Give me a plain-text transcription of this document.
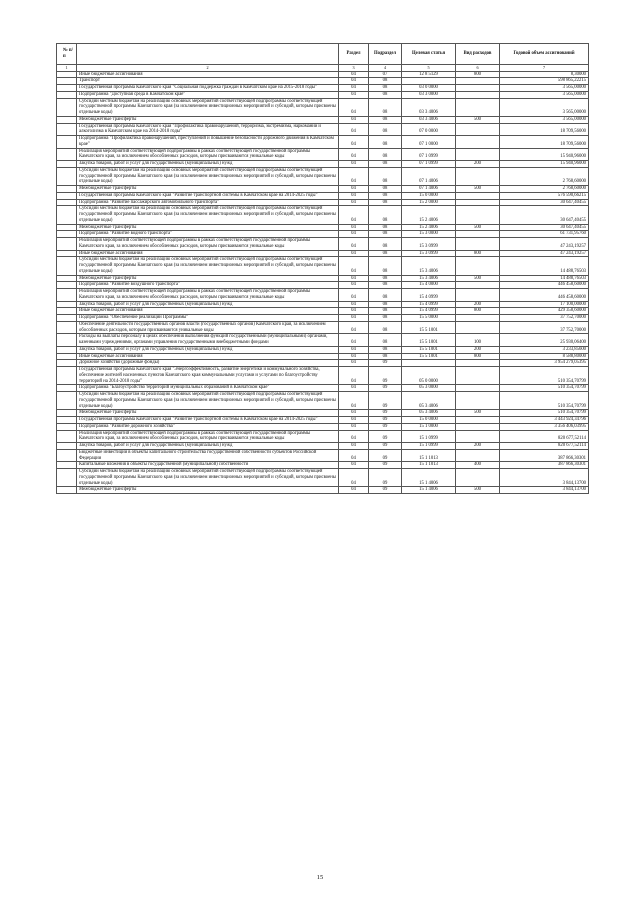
№ п/п		Раздел	Подраздел	Целевая статья	Вид расходов	Годовой объем ассигнований
1	2	3	4	5	6	7
	Иные бюджетные ассигнования	04	07	12 8 5129	800	8,30000
	Транспорт	04	08			598 865,22215
	Государственная программа Камчатского края "Социальная поддержка граждан в Камчатском крае на 2015-2018 годы"	04	08	03 0 0000		3 565,00000
	Подпрограмма "Доступная среда в Камчатском крае"	04	08	03 3 0000		3 565,00000
	Субсидии местным бюджетам на реализацию основных мероприятий соответствующей подпрограммы соответствующей государственной программы Камчатского края (за исключением инвестиционных мероприятий и субсидий, которым присвоены отдельные коды)	04	08	03 3 4006		3 565,00000
	Межбюджетные трансферты	04	08	03 3 4006	500	3 565,00000
	Государственная программа Камчатского края "Профилактика правонарушений, терроризма, экстремизма, наркомании и алкоголизма в Камчатском крае на 2014-2018 годы"	04	08	07 0 0000		18 709,56000
	Подпрограмма "Профилактика правонарушений, преступлений и повышение безопасности дорожного движения в Камчатском крае"	04	08	07 1 0000		18 709,56000
	Реализация мероприятий соответствующей подпрограммы в рамках соответствующей государственной программы Камчатского края, за исключением обособленных расходов, которым присваиваются уникальные коды	04	08	07 1 0999		15 940,96000
	Закупка товаров, работ и услуг для государственных (муниципальных) нужд	04	08	07 1 0999	200	15 940,96000
	Субсидии местным бюджетам на реализацию основных мероприятий соответствующей подпрограммы соответствующей государственной программы Камчатского края (за исключением инвестиционных мероприятий и субсидий, которым присвоены отдельные коды)	04	08	07 1 4006		2 768,60000
	Межбюджетные трансферты	04	08	07 1 4006	500	2 768,60000
	Государственная программа Камчатского края "Развитие транспортной системы в Камчатском крае на 2014-2025 годы"	04	08	15 0 0000		576 590,66215
	Подпрограмма "Развитие пассажирского автомобильного транспорта"	04	08	15 2 0000		30 647,40455
	Субсидии местным бюджетам на реализацию основных мероприятий соответствующей подпрограммы соответствующей государственной программы Камчатского края (за исключением инвестиционных мероприятий и субсидий, которым присвоены отдельные коды)	04	08	15 2 4006		30 647,40455
	Межбюджетные трансферты	04	08	15 2 4006	500	30 647,40455
	Подпрограмма "Развитие водного транспорта"	04	08	15 3 0000		61 731,95760
	Реализация мероприятий соответствующей подпрограммы в рамках соответствующей государственной программы Камчатского края, за исключением обособленных расходов, которым присваиваются уникальные коды	04	08	15 3 0999		47 243,19257
	Иные бюджетные ассигнования	04	08	15 3 0999	800	47 243,19257
	Субсидии местным бюджетам на реализацию основных мероприятий соответствующей подпрограммы соответствующей государственной программы Камчатского края (за исключением инвестиционных мероприятий и субсидий, которым присвоены отдельные коды)	04	08	15 3 4006		14 488,76503
	Межбюджетные трансферты	04	08	15 3 4006	500	14 488,76503
	Подпрограмма "Развитие воздушного транспорта"	04	08	15 4 0000		446 458,60000
	Реализация мероприятий соответствующей подпрограммы в рамках соответствующей государственной программы Камчатского края, за исключением обособленных расходов, которым присваиваются уникальные коды	04	08	15 4 0999		446 458,60000
	Закупка товаров, работ и услуг для государственных (муниципальных) нужд	04	08	15 4 0999	200	17 100,00000
	Иные бюджетные ассигнования	04	08	15 4 0999	800	429 358,60000
	Подпрограмма "Обеспечение реализации Программы"	04	08	15 5 0000		37 752,70000
	Обеспечение деятельности государственных органов власти (государственных органов) Камчатского края, за исключением обособленных расходов, которым присваиваются уникальные коды	04	08	15 5 1001		37 752,70000
	Расходы на выплаты персоналу в целях обеспечения выполнения функций государственными (муниципальными) органами, казенными учреждениями, органами управления государственными внебюджетными фондами	04	08	15 5 1001	100	25 930,06400
	Закупка товаров, работ и услуг для государственных (муниципальных) нужд	04	08	15 5 1001	200	3 233,85600
	Иные бюджетные ассигнования	04	08	15 5 1001	800	8 588,80000
	Дорожное хозяйство (дорожные фонды)	04	09			3 954 279,05395
	Государственная программа Камчатского края "Энергоэффективность, развитие энергетики и коммунального хозяйства, обеспечение жителей населенных пунктов Камчатского края коммунальными услугами и услугами по благоустройству территорий на 2014-2018 годы"	04	09	05 0 0000		510 354,70799
	Подпрограмма "Благоустройство территорий муниципальных образований в Камчатском крае"	04	09	05 3 0000		510 354,70799
	Субсидии местным бюджетам на реализацию основных мероприятий соответствующей подпрограммы соответствующей государственной программы Камчатского края (за исключением инвестиционных мероприятий и субсидий, которым присвоены отдельные коды)	04	09	05 3 4006		510 354,70799
	Межбюджетные трансферты	04	09	05 3 4006	500	510 354,70799
	Государственная программа Камчатского края "Развитие транспортной системы в Камчатском крае на 2014-2025 годы"	04	09	15 0 0000		3 443 924,34796
	Подпрограмма "Развитие дорожного хозяйства"	04	09	15 1 0000		3 356 406,03995
	Реализация мероприятий соответствующей подпрограммы в рамках соответствующей государственной программы Камчатского края, за исключением обособленных расходов, которым присваиваются уникальные коды	04	09	15 1 0999		820 677,52114
	Закупка товаров, работ и услуг для государственных (муниципальных) нужд	04	09	15 1 0999	200	820 677,52114
	Бюджетные инвестиции в объекты капитального строительства государственной собственности субъектов Российской Федерации	04	09	15 1 1013		387 866,30301
	Капитальные вложения в объекты государственной (муниципальной) собственности	04	09	15 1 1013	400	387 866,30301
	Субсидии местным бюджетам на реализацию основных мероприятий соответствующей подпрограммы соответствующей государственной программы Камчатского края (за исключением инвестиционных мероприятий и субсидий, которым присвоены отдельные коды)	04	09	15 1 4006		3 844,13700
	Межбюджетные трансферты	04	09	15 1 4006	500	3 844,13700
15
